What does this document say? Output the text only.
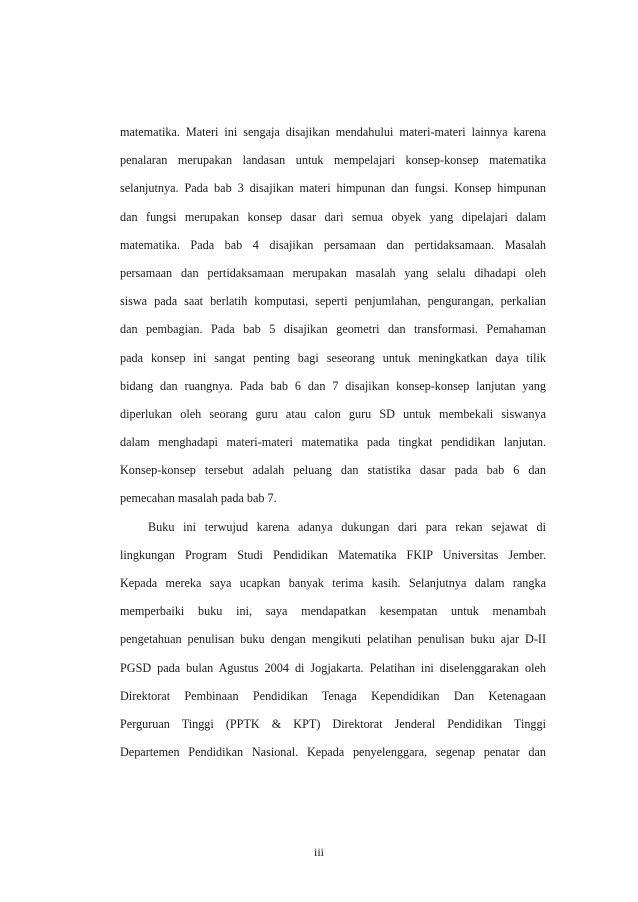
matematika. Materi ini sengaja disajikan mendahului materi-materi lainnya karena
penalaran merupakan landasan untuk mempelajari konsep-konsep matematika
selanjutnya. Pada bab 3 disajikan materi himpunan dan fungsi. Konsep himpunan
dan fungsi merupakan konsep dasar dari semua obyek yang dipelajari dalam
matematika. Pada bab 4 disajikan persamaan dan pertidaksamaan. Masalah
persamaan dan pertidaksamaan merupakan masalah yang selalu dihadapi oleh
siswa pada saat berlatih komputasi, seperti penjumlahan, pengurangan, perkalian
dan pembagian. Pada bab 5 disajikan geometri dan transformasi. Pemahaman
pada konsep ini sangat penting bagi seseorang untuk meningkatkan daya tilik
bidang dan ruangnya. Pada bab 6 dan 7 disajikan konsep-konsep lanjutan yang
diperlukan oleh seorang guru atau calon guru SD untuk membekali siswanya
dalam menghadapi materi-materi matematika pada tingkat pendidikan lanjutan.
Konsep-konsep tersebut adalah peluang dan statistika dasar pada bab 6 dan
pemecahan masalah pada bab 7.
Buku ini terwujud karena adanya dukungan dari para rekan sejawat di
lingkungan Program Studi Pendidikan Matematika FKIP Universitas Jember.
Kepada mereka saya ucapkan banyak terima kasih. Selanjutnya dalam rangka
memperbaiki buku ini, saya mendapatkan kesempatan untuk menambah
pengetahuan penulisan buku dengan mengikuti pelatihan penulisan buku ajar D-II
PGSD pada bulan Agustus 2004 di Jogjakarta. Pelatihan ini diselenggarakan oleh
Direktorat Pembinaan Pendidikan Tenaga Kependidikan Dan Ketenagaan
Perguruan Tinggi (PPTK & KPT) Direktorat Jenderal Pendidikan Tinggi
Departemen Pendidikan Nasional. Kepada penyelenggara, segenap penatar dan
iii
